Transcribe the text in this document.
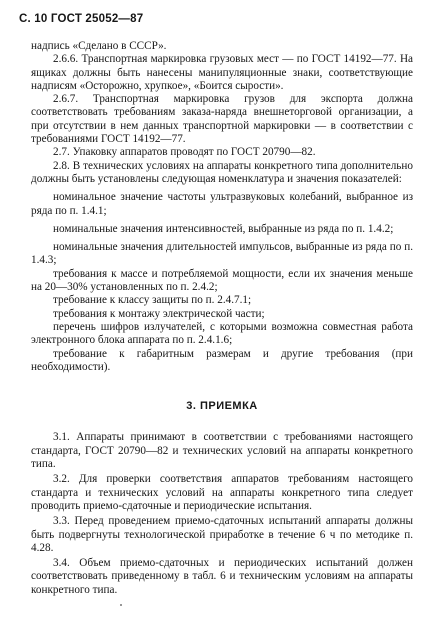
С. 10 ГОСТ 25052—87

надпись «Сделано в СССР».

2.6.6. Транспортная маркировка грузовых мест — по ГОСТ 14192—77. На ящиках должны быть нанесены манипуляционные знаки, соответствующие надписям «Осторожно, хрупкое», «Боится сырости».

2.6.7. Транспортная маркировка грузов для экспорта должна соответствовать требованиям заказа-наряда внешнеторговой организации, а при отсутствии в нем данных транспортной маркировки — в соответствии с требованиями ГОСТ 14192—77.

2.7. Упаковку аппаратов проводят по ГОСТ 20790—82.

2.8. В технических условиях на аппараты конкретного типа дополнительно должны быть установлены следующая номенклатура и значения показателей:

номинальное значение частоты ультразвуковых колебаний, выбранное из ряда по п. 1.4.1;

номинальные значения интенсивностей, выбранные из ряда по п. 1.4.2;

номинальные значения длительностей импульсов, выбранные из ряда по п. 1.4.3;

требования к массе и потребляемой мощности, если их значения меньше на 20—30% установленных по п. 2.4.2;

требование к классу защиты по п. 2.4.7.1;

требования к монтажу электрической части;

перечень шифров излучателей, с которыми возможна совместная работа электронного блока аппарата по п. 2.4.1.6;

требование к габаритным размерам и другие требования (при необходимости).

3. ПРИЕМКА

3.1. Аппараты принимают в соответствии с требованиями настоящего стандарта, ГОСТ 20790—82 и технических условий на аппараты конкретного типа.

3.2. Для проверки соответствия аппаратов требованиям настоящего стандарта и технических условий на аппараты конкретного типа следует проводить приемо-сдаточные и периодические испытания.

3.3. Перед проведением приемо-сдаточных испытаний аппараты должны быть подвергнуты технологической приработке в течение 6 ч по методике п. 4.28.

3.4. Объем приемо-сдаточных и периодических испытаний должен соответствовать приведенному в табл. 6 и техническим условиям на аппараты конкретного типа.
